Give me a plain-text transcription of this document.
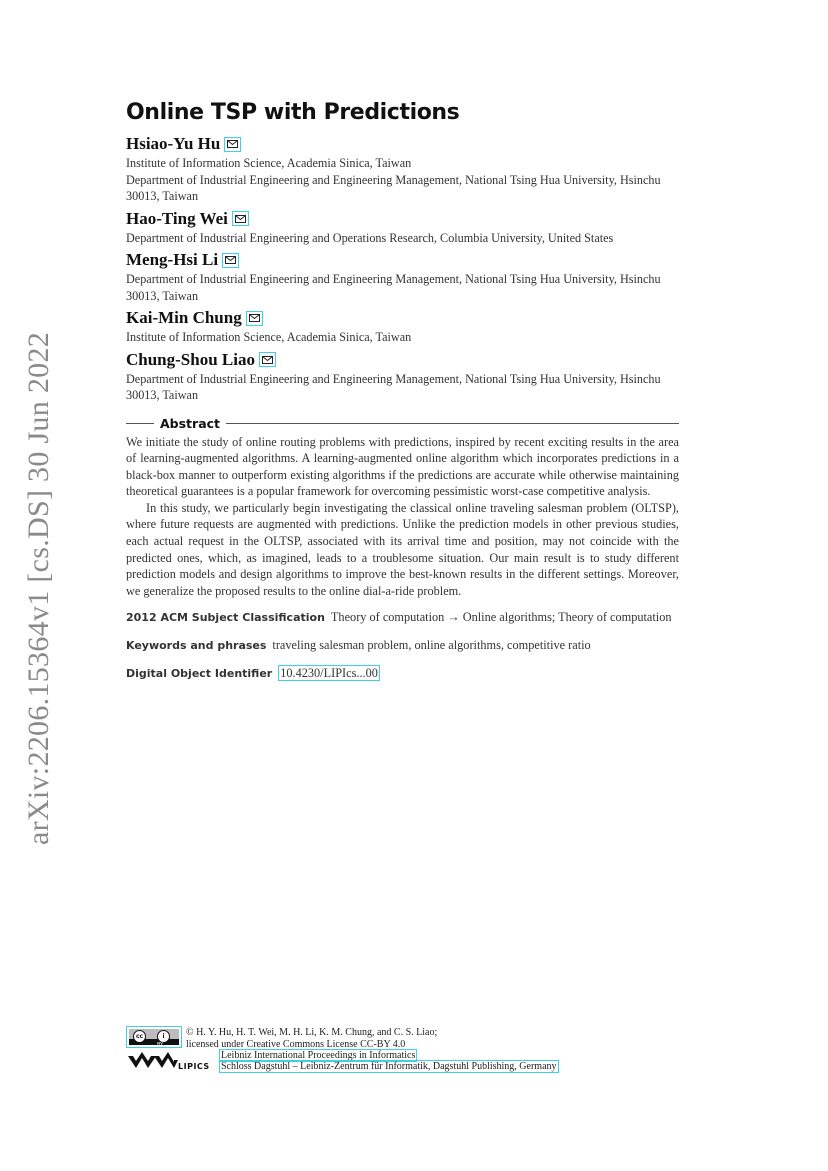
arXiv:2206.15364v1 [cs.DS] 30 Jun 2022
Online TSP with Predictions
Hsiao-Yu Hu
Institute of Information Science, Academia Sinica, Taiwan
Department of Industrial Engineering and Engineering Management, National Tsing Hua University, Hsinchu 30013, Taiwan
Hao-Ting Wei
Department of Industrial Engineering and Operations Research, Columbia University, United States
Meng-Hsi Li
Department of Industrial Engineering and Engineering Management, National Tsing Hua University, Hsinchu 30013, Taiwan
Kai-Min Chung
Institute of Information Science, Academia Sinica, Taiwan
Chung-Shou Liao
Department of Industrial Engineering and Engineering Management, National Tsing Hua University, Hsinchu 30013, Taiwan
Abstract

We initiate the study of online routing problems with predictions, inspired by recent exciting results in the area of learning-augmented algorithms. A learning-augmented online algorithm which incorporates predictions in a black-box manner to outperform existing algorithms if the predictions are accurate while otherwise maintaining theoretical guarantees is a popular framework for overcoming pessimistic worst-case competitive analysis.

In this study, we particularly begin investigating the classical online traveling salesman problem (OLTSP), where future requests are augmented with predictions. Unlike the prediction models in other previous studies, each actual request in the OLTSP, associated with its arrival time and position, may not coincide with the predicted ones, which, as imagined, leads to a troublesome situation. Our main result is to study different prediction models and design algorithms to improve the best-known results in the different settings. Moreover, we generalize the proposed results to the online dial-a-ride problem.

2012 ACM Subject Classification Theory of computation → Online algorithms; Theory of computation
Keywords and phrases traveling salesman problem, online algorithms, competitive ratio
Digital Object Identifier 10.4230/LIPIcs...00
cc	i
BY
© H. Y. Hu, H. T. Wei, M. H. Li, K. M. Chung, and C. S. Liao;
licensed under Creative Commons License CC-BY 4.0
LIPICS
Leibniz International Proceedings in Informatics
Schloss Dagstuhl – Leibniz-Zentrum für Informatik, Dagstuhl Publishing, Germany
